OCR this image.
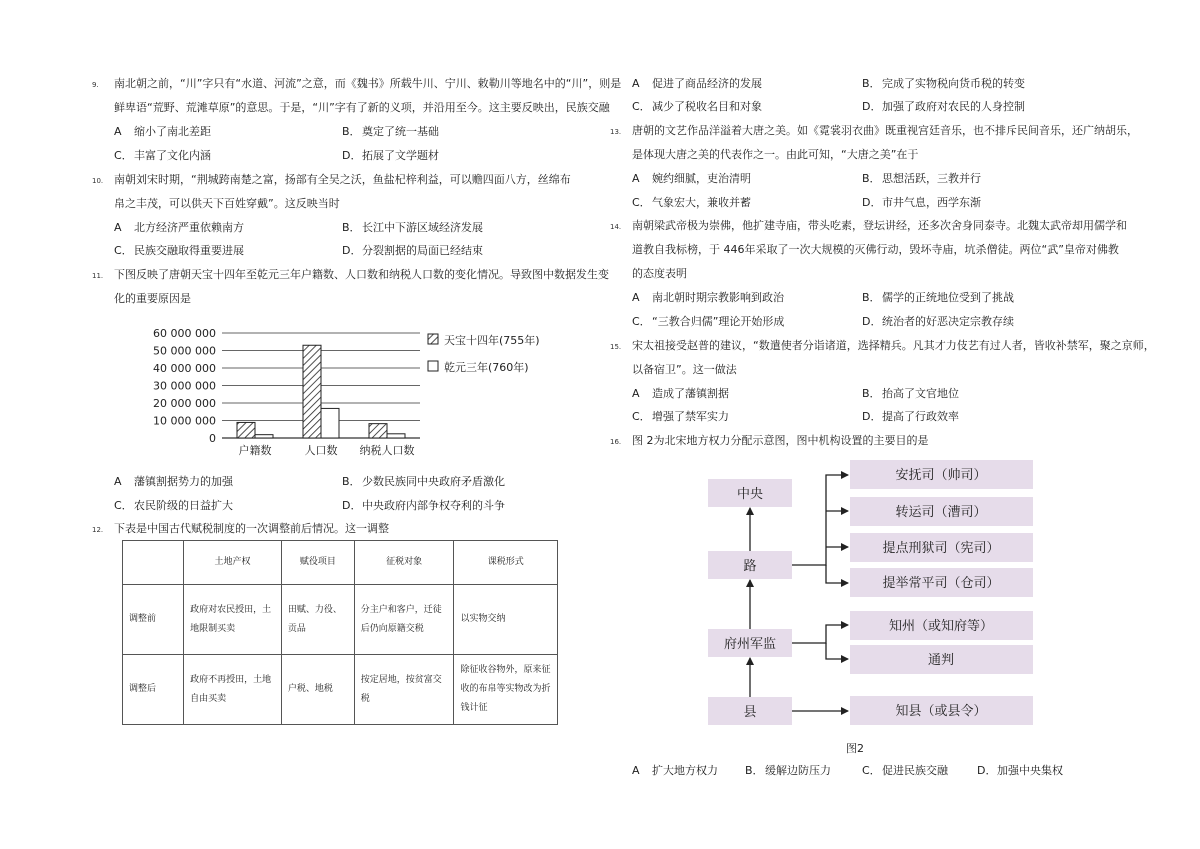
9. 南北朝之前，“川”字只有“水道、河流”之意，而《魏书》所载牛川、宁川、敕勒川等地名中的“川”，则是
鲜卑语“荒野、荒滩草原”的意思。于是，“川”字有了新的义项，并沿用至今。这主要反映出，民族交融
A 缩小了南北差距	B．奠定了统一基础
C．丰富了文化内涵	D．拓展了文学题材
10. 南朝刘宋时期，“荆城跨南楚之富，扬部有全吴之沃，鱼盐杞梓利益，可以赡四面八方，丝绵布
帛之丰茂，可以供天下百姓穿戴”。这反映当时
A 北方经济严重依赖南方	B．长江中下游区域经济发展
C．民族交融取得重要进展	D．分裂割据的局面已经结束
11. 下图反映了唐朝天宝十四年至乾元三年户籍数、人口数和纳税人口数的变化情况。导致图中数据发生变
化的重要原因是
60 000 000
50 000 000
40 000 000
30 000 000
20 000 000
10 000 000
0
户籍数	人口数 纳税人口数
天宝十四年(755年)
乾元三年(760年)
A 藩镇割据势力的加强	B．少数民族同中央政府矛盾激化
C．农民阶级的日益扩大	D．中央政府内部争权夺利的斗争
12. 下表是中国古代赋税制度的一次调整前后情况。这一调整
	土地产权	赋役项目	征税对象	课税形式
调整前	政府对农民授田，土地限制买卖	田赋、力役、贡品	分主户和客户，迁徒后仍向原籍交税	以实物交纳
调整后	政府不再授田，土地自由买卖	户税、地税	按定居地，按贫富交税	除征收谷物外，原来征收的布帛等实物改为折钱计征
A 促进了商品经济的发展	B．完成了实物税向货币税的转变
C．减少了税收名目和对象	D．加强了政府对农民的人身控制
13. 唐朝的文艺作品洋溢着大唐之美。如《霓裳羽衣曲》既重视宫廷音乐，也不排斥民间音乐，还广纳胡乐，
是体现大唐之美的代表作之一。由此可知，“大唐之美”在于
A 婉约细腻，吏治清明	B．思想活跃，三教并行
C．气象宏大，兼收并蓄	D．市井气息，西学东渐
14. 南朝梁武帝极为崇佛，他扩建寺庙，带头吃素，登坛讲经，还多次舍身同泰寺。北魏太武帝却用儒学和
道教自我标榜，于 446年采取了一次大规模的灭佛行动，毁坏寺庙，坑杀僧徒。两位“武”皇帝对佛教
的态度表明
A 南北朝时期宗教影响到政治	B．儒学的正统地位受到了挑战
C．“三教合归儒”理论开始形成	D．统治者的好恶决定宗教存续
15. 宋太祖接受赵普的建议，“数遣使者分诣诸道，选择精兵。凡其才力伎艺有过人者，皆收补禁军，聚之京师，
以备宿卫”。这一做法
A 造成了藩镇割据	B．抬高了文官地位
C．增强了禁军实力	D．提高了行政效率
16. 图 2为北宋地方权力分配示意图，图中机构设置的主要目的是
中央
路
府州军监
县
安抚司（帅司）
转运司（漕司）
提点刑狱司（宪司）
提举常平司（仓司）
知州（或知府等）
通判
知县（或县令）
图2
A 扩大地方权力 B．缓解边防压力	C．促进民族交融	D．加强中央集权
